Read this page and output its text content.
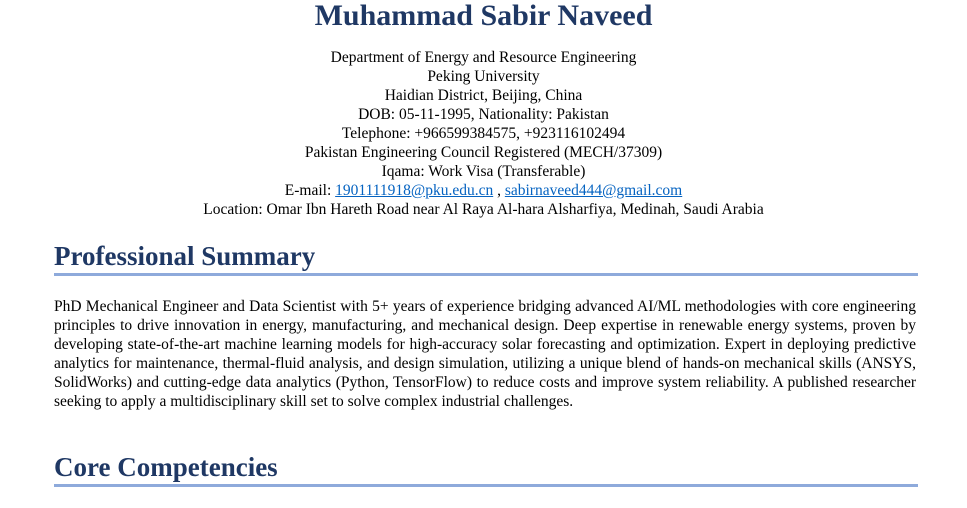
Muhammad Sabir Naveed
Department of Energy and Resource Engineering
Peking University
Haidian District, Beijing, China
DOB: 05-11-1995, Nationality: Pakistan
Telephone: +966599384575, +923116102494
Pakistan Engineering Council Registered (MECH/37309)
Iqama: Work Visa (Transferable)
E-mail: 1901111918@pku.edu.cn , sabirnaveed444@gmail.com
Location: Omar Ibn Hareth Road near Al Raya Al-hara Alsharfiya, Medinah, Saudi Arabia
Professional Summary
PhD Mechanical Engineer and Data Scientist with 5+ years of experience bridging advanced AI/ML methodologies with core engineering principles to drive innovation in energy, manufacturing, and mechanical design. Deep expertise in renewable energy systems, proven by developing state-of-the-art machine learning models for high-accuracy solar forecasting and optimization. Expert in deploying predictive analytics for maintenance, thermal-fluid analysis, and design simulation, utilizing a unique blend of hands-on mechanical skills (ANSYS, SolidWorks) and cutting-edge data analytics (Python, TensorFlow) to reduce costs and improve system reliability. A published researcher seeking to apply a multidisciplinary skill set to solve complex industrial challenges.
Core Competencies
